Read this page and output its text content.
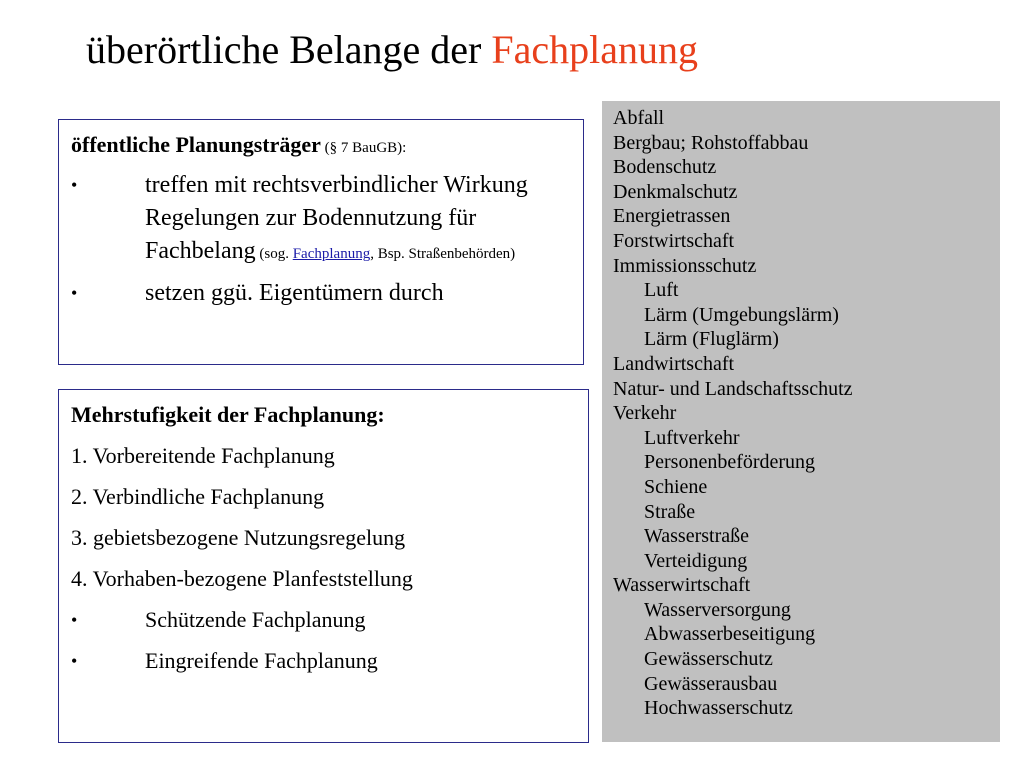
überörtliche Belange der Fachplanung
öffentliche Planungsträger (§ 7 BauGB):
•	treffen mit rechtsverbindlicher Wirkung Regelungen zur Bodennutzung für Fachbelang (sog. Fachplanung, Bsp. Straßenbehörden)
•	setzen ggü. Eigentümern durch
Mehrstufigkeit der Fachplanung:
1. Vorbereitende Fachplanung
2. Verbindliche Fachplanung
3. gebietsbezogene Nutzungsregelung
4. Vorhaben-bezogene Planfeststellung
•	Schützende Fachplanung
•	Eingreifende Fachplanung
Abfall
Bergbau; Rohstoffabbau
Bodenschutz
Denkmalschutz
Energietrassen
Forstwirtschaft
Immissionsschutz
Luft
Lärm (Umgebungslärm)
Lärm (Fluglärm)
Landwirtschaft
Natur- und Landschaftsschutz
Verkehr
Luftverkehr
Personenbeförderung
Schiene
Straße
Wasserstraße
Verteidigung
Wasserwirtschaft
Wasserversorgung
Abwasserbeseitigung
Gewässerschutz
Gewässerausbau
Hochwasserschutz
